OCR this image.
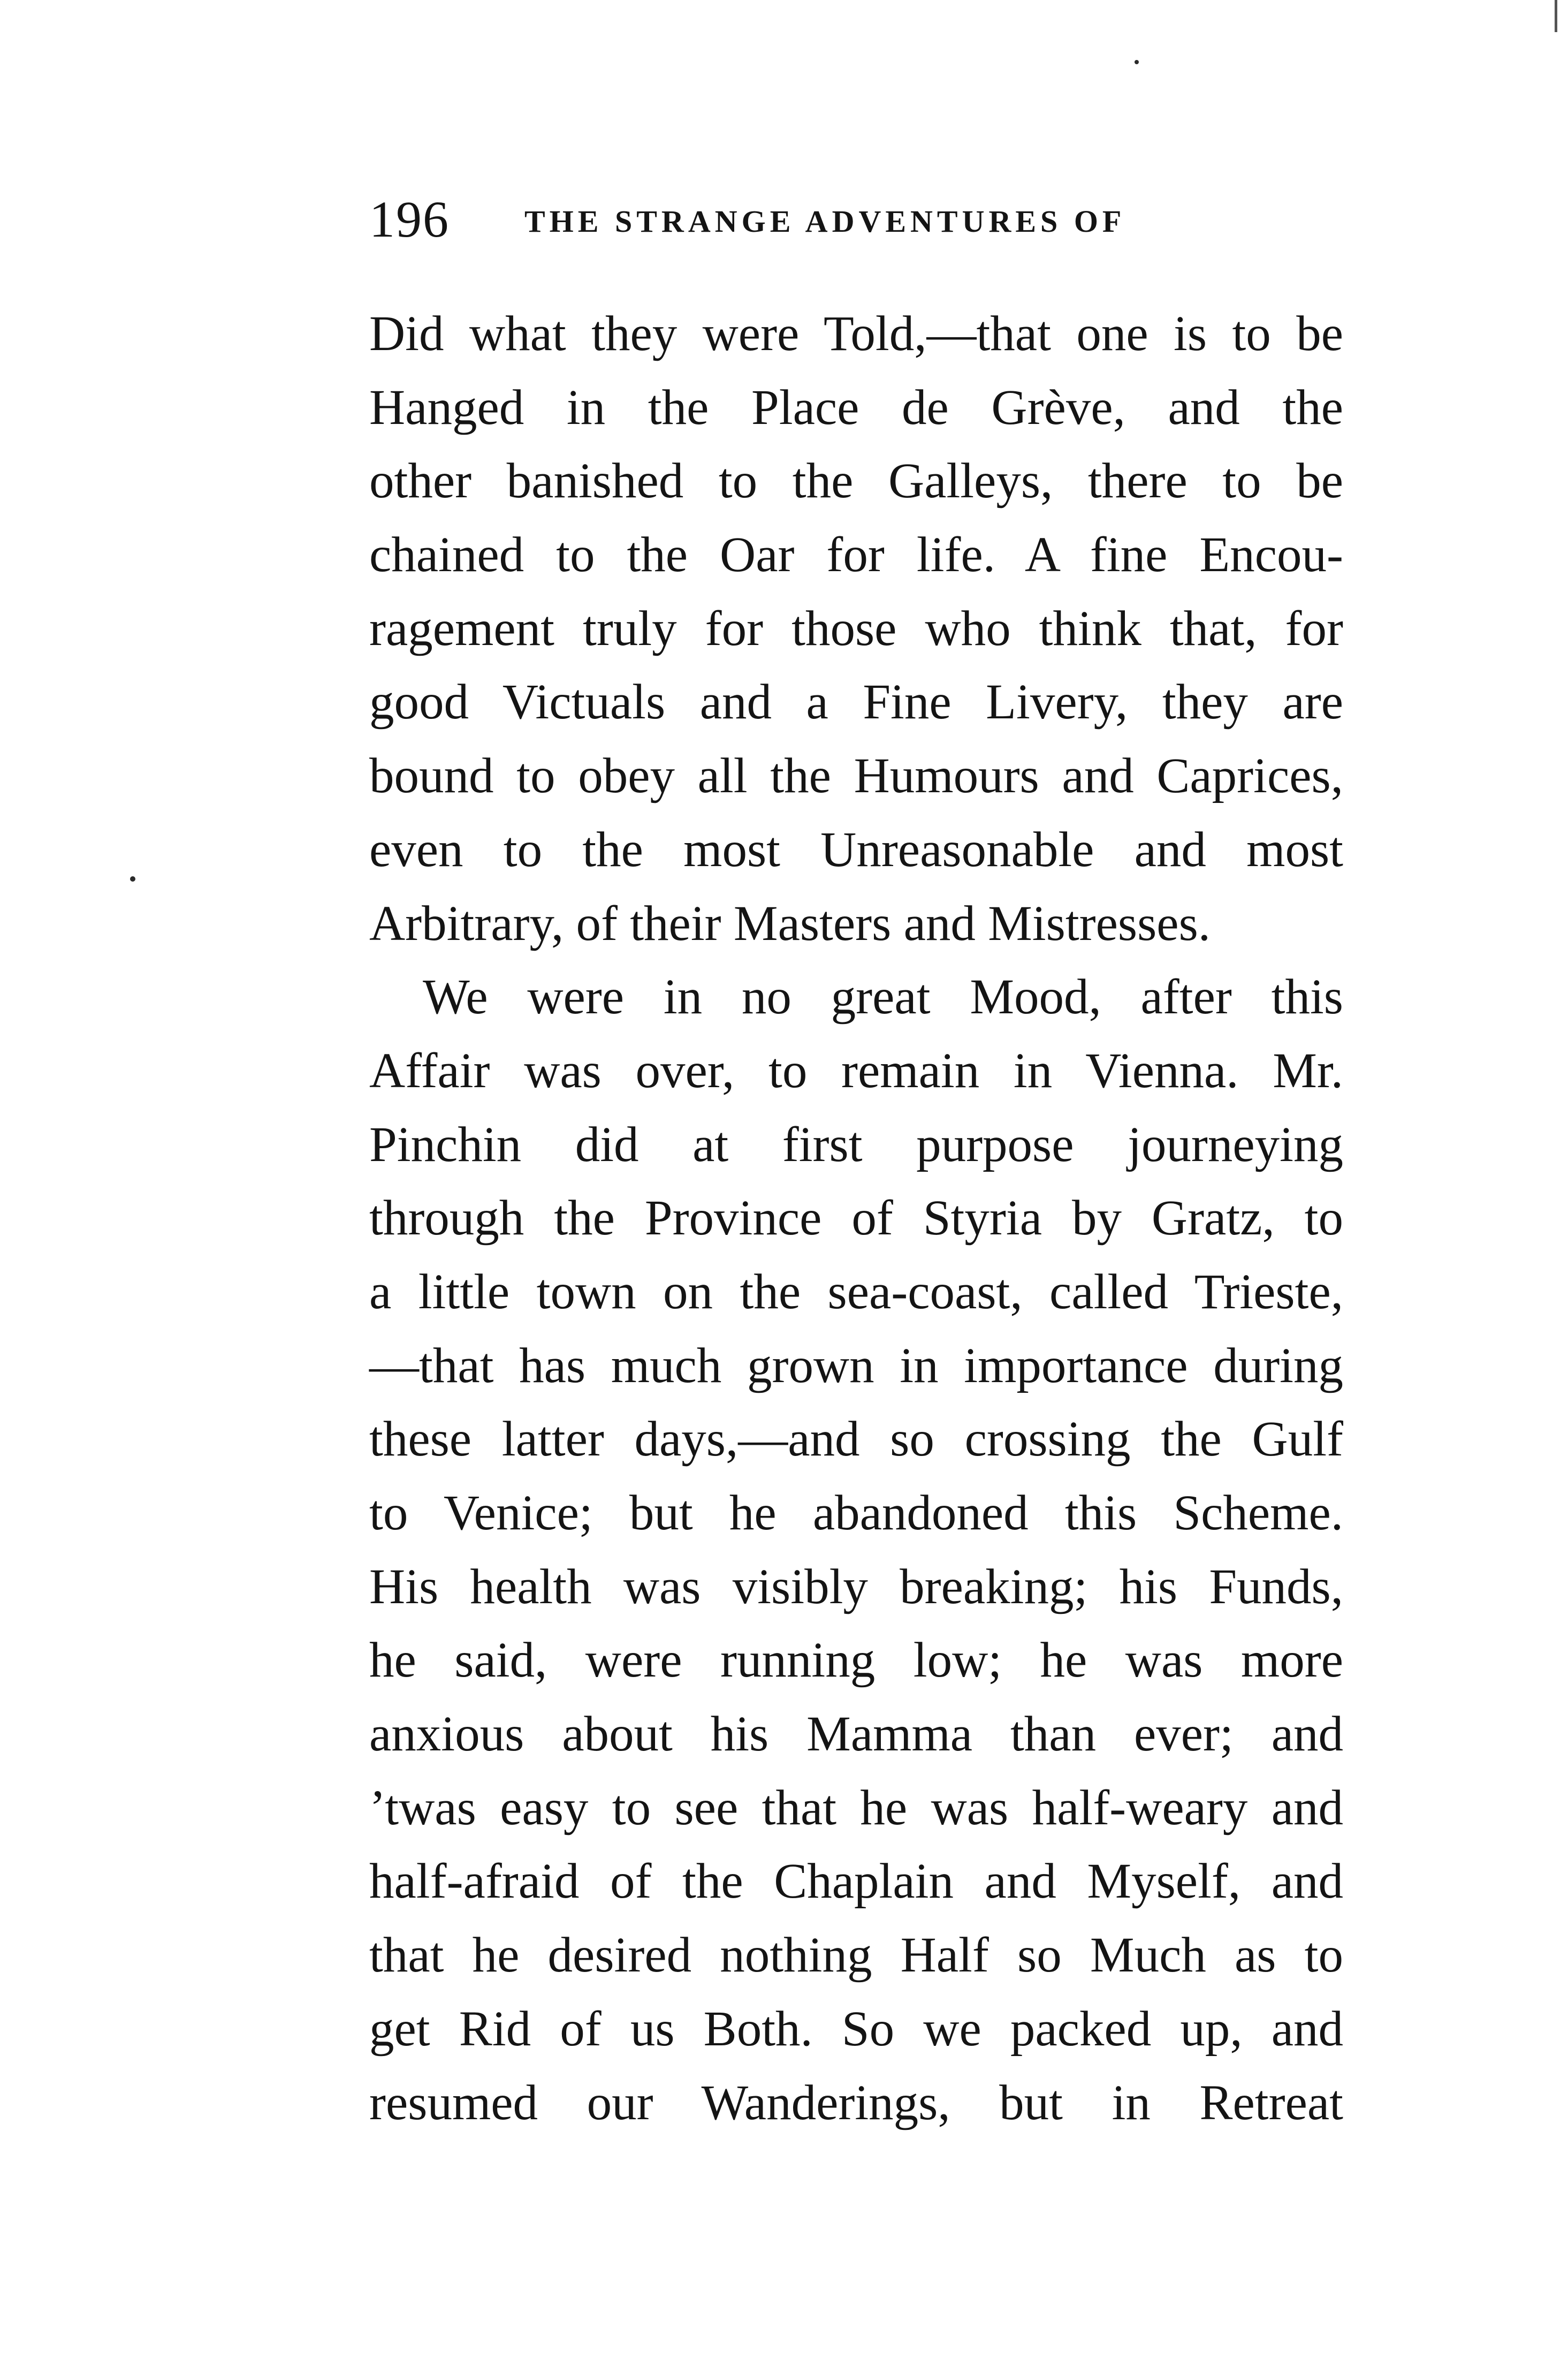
196 THE STRANGE ADVENTURES OF
Did what they were Told,—that one is to be
Hanged in the Place de Grève, and the
other banished to the Galleys, there to be
chained to the Oar for life. A fine Encou-
ragement truly for those who think that, for
good Victuals and a Fine Livery, they are
bound to obey all the Humours and Caprices,
even to the most Unreasonable and most
Arbitrary, of their Masters and Mistresses.
We were in no great Mood, after this
Affair was over, to remain in Vienna. Mr.
Pinchin did at first purpose journeying
through the Province of Styria by Gratz, to
a little town on the sea-coast, called Trieste,
—that has much grown in importance during
these latter days,—and so crossing the Gulf
to Venice; but he abandoned this Scheme.
His health was visibly breaking; his Funds,
he said, were running low; he was more
anxious about his Mamma than ever; and
’twas easy to see that he was half-weary and
half-afraid of the Chaplain and Myself, and
that he desired nothing Half so Much as to
get Rid of us Both. So we packed up, and
resumed our Wanderings, but in Retreat
